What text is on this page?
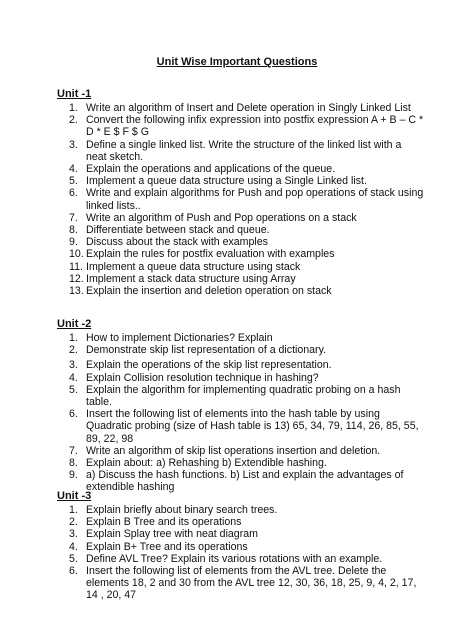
Unit Wise Important Questions
Unit -1
1. Write an algorithm of Insert and Delete operation in Singly Linked List
2. Convert the following infix expression into postfix expression A + B – C * D * E $ F $ G
3. Define a single linked list. Write the structure of the linked list with a neat sketch.
4. Explain the operations and applications of the queue.
5. Implement a queue data structure using a Single Linked list.
6. Write and explain algorithms for Push and pop operations of stack using linked lists..
7. Write an algorithm of Push and Pop operations on a stack
8. Differentiate between stack and queue.
9. Discuss about the stack with examples
10. Explain the rules for postfix evaluation with examples
11. Implement a queue data structure using stack
12. Implement a stack data structure using Array
13. Explain the insertion and deletion operation on stack
Unit -2
1. How to implement Dictionaries? Explain
2. Demonstrate skip list representation of a dictionary.
3. Explain the operations of the skip list representation.
4. Explain Collision resolution technique in hashing?
5. Explain the algorithm for implementing quadratic probing on a hash table.
6. Insert the following list of elements into the hash table by using Quadratic probing (size of Hash table is 13) 65, 34, 79, 114, 26, 85, 55, 89, 22, 98
7. Write an algorithm of skip list operations insertion and deletion.
8. Explain about: a) Rehashing b) Extendible hashing.
9. a) Discuss the hash functions. b) List and explain the advantages of extendible hashing
Unit -3
1. Explain briefly about binary search trees.
2. Explain B Tree and its operations
3. Explain Splay tree with neat diagram
4. Explain B+ Tree and its operations
5. Define AVL Tree? Explain its various rotations with an example.
6. Insert the following list of elements from the AVL tree. Delete the elements 18, 2 and 30 from the AVL tree 12, 30, 36, 18, 25, 9, 4, 2, 17, 14 , 20, 47
